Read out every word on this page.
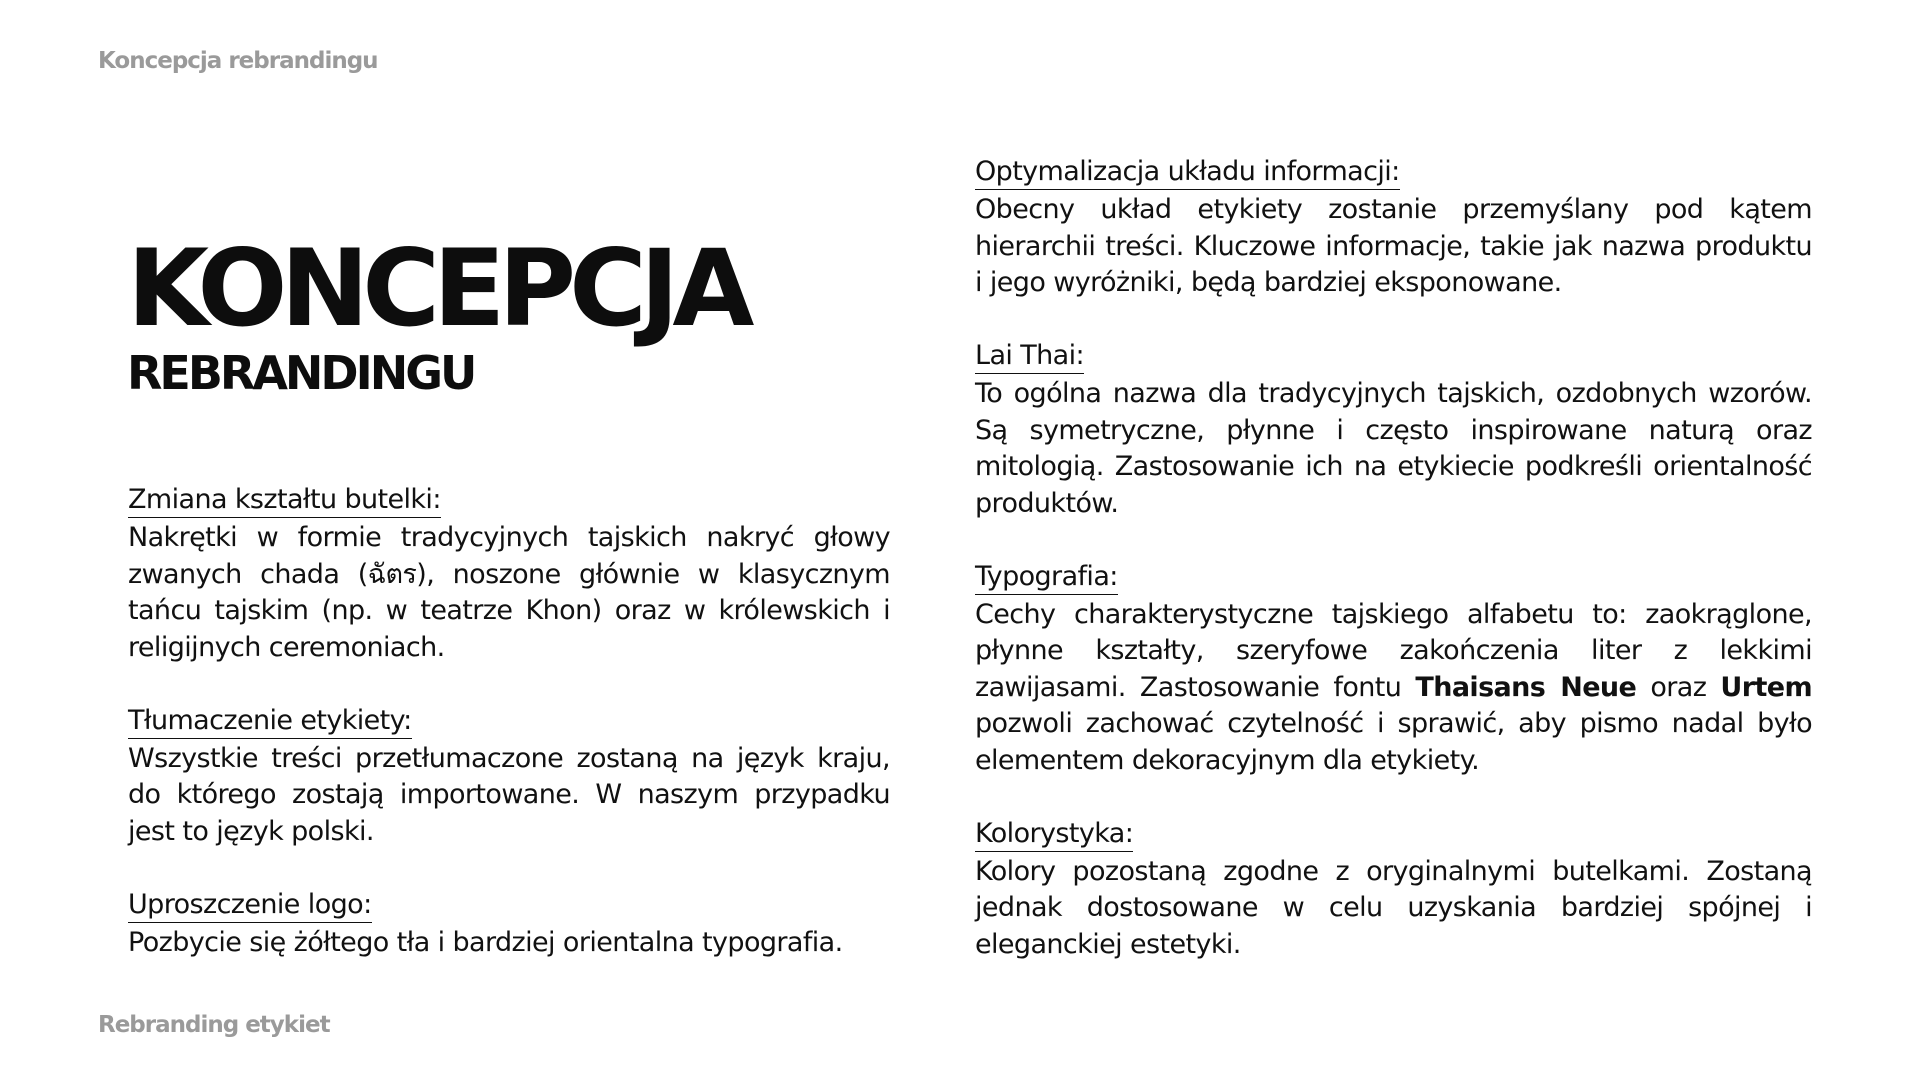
Koncepcja rebrandingu
KONCEPCJA
REBRANDINGU
Zmiana kształtu butelki:
Nakrętki w formie tradycyjnych tajskich nakryć głowy zwanych chada (ฉัตร), noszone głównie w klasycznym tańcu tajskim (np. w teatrze Khon) oraz w królewskich i religijnych ceremoniach.
Tłumaczenie etykiety:
Wszystkie treści przetłumaczone zostaną na język kraju, do którego zostają importowane. W naszym przypadku jest to język polski.
Uproszczenie logo:
Pozbycie się żółtego tła i bardziej orientalna typografia.
Optymalizacja układu informacji:
Obecny układ etykiety zostanie przemyślany pod kątem hierarchii treści. Kluczowe informacje, takie jak nazwa produktu i jego wyróżniki, będą bardziej eksponowane.
Lai Thai:
To ogólna nazwa dla tradycyjnych tajskich, ozdobnych wzorów. Są symetryczne, płynne i często inspirowane naturą oraz mitologią. Zastosowanie ich na etykiecie podkreśli orientalność produktów.
Typografia:
Cechy charakterystyczne tajskiego alfabetu to: zaokrąglone, płynne kształty, szeryfowe zakończenia liter z lekkimi zawijasami. Zastosowanie fontu Thaisans Neue oraz Urtem pozwoli zachować czytelność i sprawić, aby pismo nadal było elementem dekoracyjnym dla etykiety.
Kolorystyka:
Kolory pozostaną zgodne z oryginalnymi butelkami. Zostaną jednak dostosowane w celu uzyskania bardziej spójnej i eleganckiej estetyki.
Rebranding etykiet
